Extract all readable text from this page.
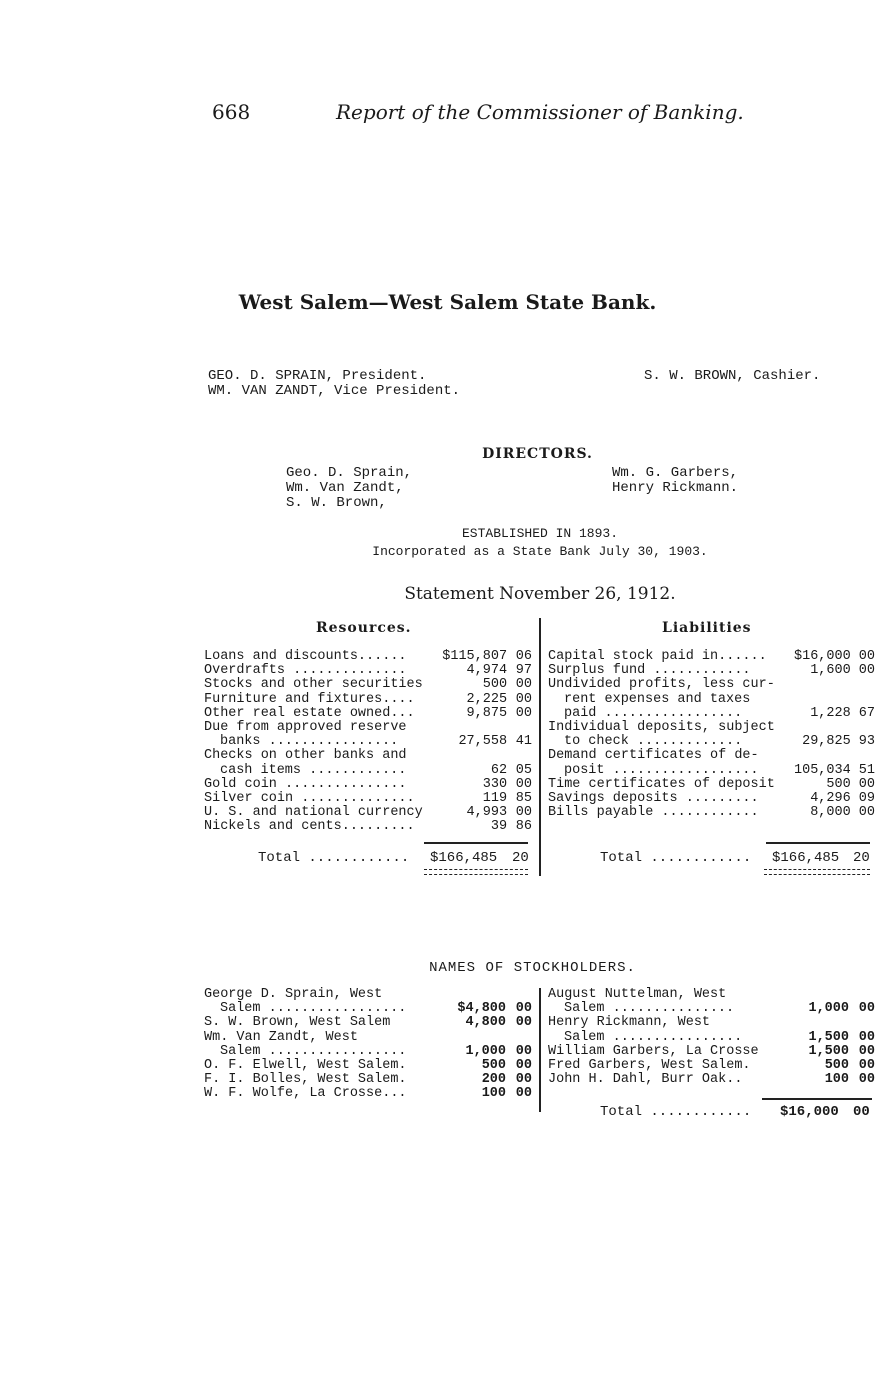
668	Report of the Commissioner of Banking.
West Salem—West Salem State Bank.
GEO. D. SPRAIN, President.
WM. VAN ZANDT, Vice President.
S. W. BROWN, Cashier.
DIRECTORS.
Geo. D. Sprain,
Wm. Van Zandt,
S. W. Brown,
Wm. G. Garbers,
Henry Rickmann.
ESTABLISHED IN 1893.
Incorporated as a State Bank July 30, 1903.
Statement November 26, 1912.
Resources.	Liabilities
Loans and discounts......	$115,807	06
Overdrafts ..............	4,974	97
Stocks and other securities	500	00
Furniture and fixtures....	2,225	00
Other real estate owned...	9,875	00
Due from approved reserve		
banks ................	27,558	41
Checks on other banks and		
cash items ............	62	05
Gold coin ...............	330	00
Silver coin ..............	119	85
U. S. and national currency	4,993	00
Nickels and cents.........	39	86
Capital stock paid in......	$16,000	00
Surplus fund ............	1,600	00
Undivided profits, less cur-		
rent expenses and taxes		
paid .................	1,228	67
Individual deposits, subject		
to check .............	29,825	93
Demand certificates of de-		
posit ..................	105,034	51
Time certificates of deposit	500	00
Savings deposits .........	4,296	09
Bills payable ............	8,000	00
Total ............ $166,485 20	Total ............ $166,485 20
NAMES OF STOCKHOLDERS.
George D. Sprain, West		
Salem .................	$4,800	00
S. W. Brown, West Salem	4,800	00
Wm. Van Zandt, West		
Salem .................	1,000	00
O. F. Elwell, West Salem.	500	00
F. I. Bolles, West Salem.	200	00
W. F. Wolfe, La Crosse...	100	00
August Nuttelman, West		
Salem ...............	1,000	00
Henry Rickmann, West		
Salem ................	1,500	00
William Garbers, La Crosse	1,500	00
Fred Garbers, West Salem.	500	00
John H. Dahl, Burr Oak..	100	00
Total ............ $16,000 00
